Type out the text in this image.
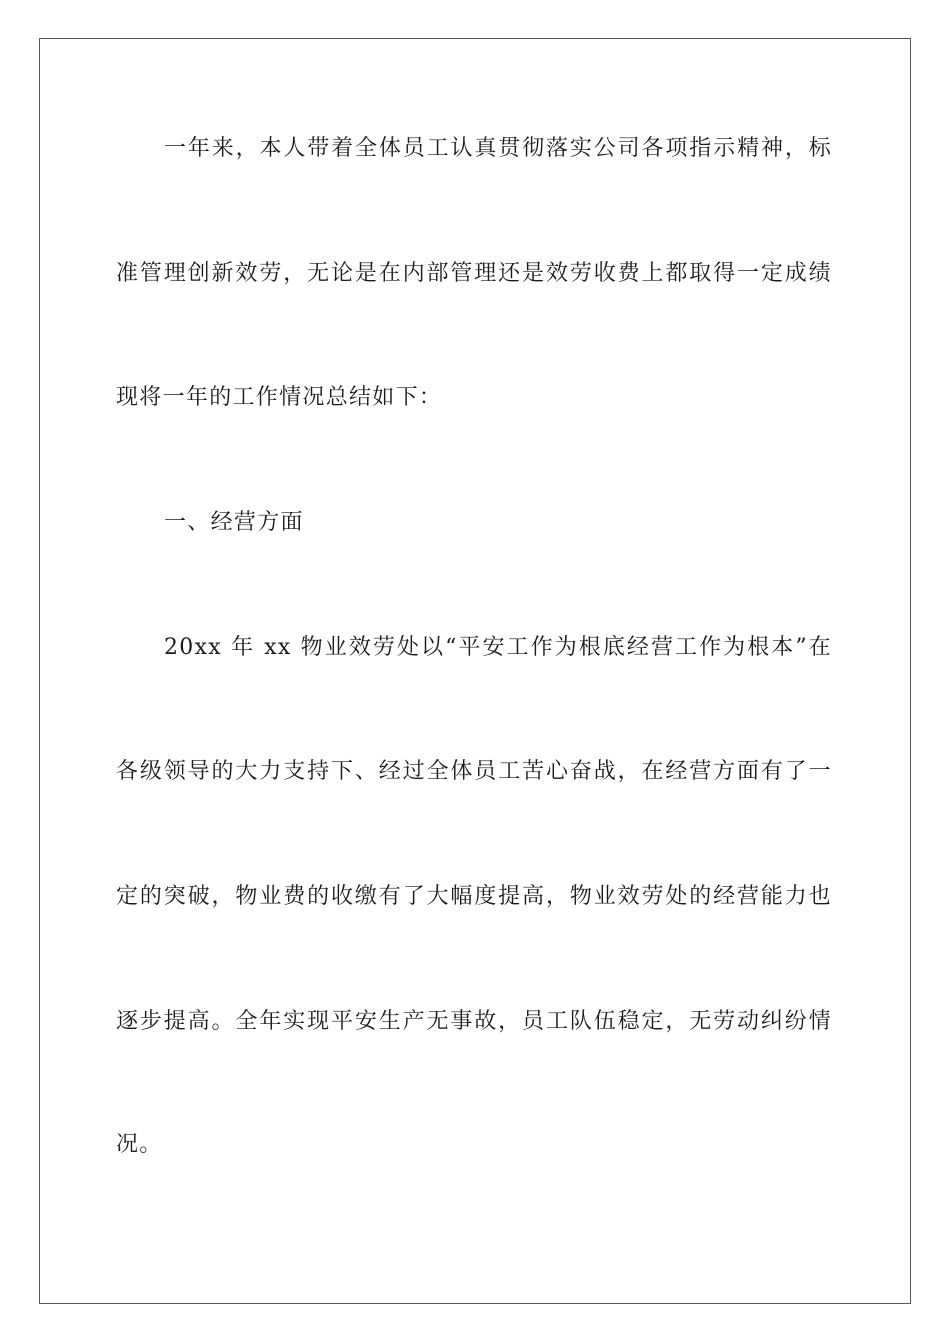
一年来，本人带着全体员工认真贯彻落实公司各项指示精神，标
准管理创新效劳，无论是在内部管理还是效劳收费上都取得一定成绩
现将一年的工作情况总结如下：
一、经营方面
20xx 年 xx 物业效劳处以“平安工作为根底经营工作为根本”在
各级领导的大力支持下、经过全体员工苦心奋战，在经营方面有了一
定的突破，物业费的收缴有了大幅度提高，物业效劳处的经营能力也
逐步提高。全年实现平安生产无事故，员工队伍稳定，无劳动纠纷情
况。
